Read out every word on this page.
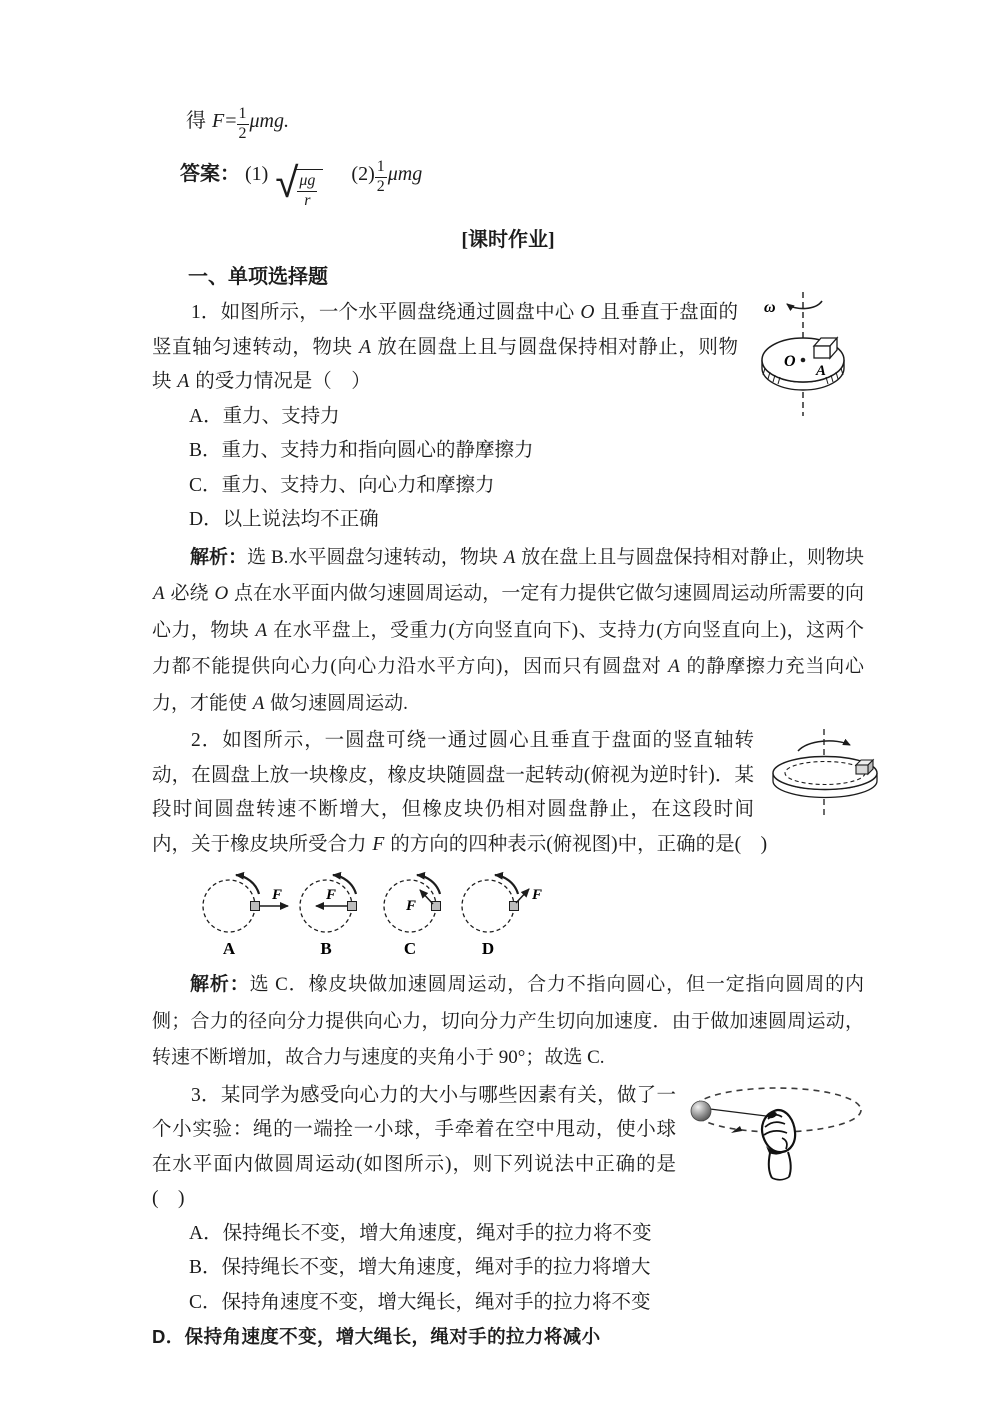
得 $F= \frac{1}{2} \mu mg$.

答案： (1) √ $\frac{\mu g}{r} (2) \frac{1}{2}$ μmg

[课时作业]
一、单项选择题
ω
O
A

1．如图所示，一个水平圆盘绕通过圆盘中心 O 且垂直于盘面的竖直轴匀速转动，物块 A 放在圆盘上且与圆盘保持相对静止，则物块 A 的受力情况是（　）

A．重力、支持力

B．重力、支持力和指向圆心的静摩擦力

C．重力、支持力、向心力和摩擦力

D．以上说法均不正确

解析：选 B.水平圆盘匀速转动，物块 A 放在盘上且与圆盘保持相对静止，则物块 A 必绕 O 点在水平面内做匀速圆周运动，一定有力提供它做匀速圆周运动所需要的向心力，物块 A 在水平盘上，受重力(方向竖直向下)、支持力(方向竖直向上)，这两个力都不能提供向心力(向心力沿水平方向)，因而只有圆盘对 A 的静摩擦力充当向心力，才能使 A 做匀速圆周运动.

2．如图所示，一圆盘可绕一通过圆心且垂直于盘面的竖直轴转动，在圆盘上放一块橡皮，橡皮块随圆盘一起转动(俯视为逆时针)．某段时间圆盘转速不断增大，但橡皮块仍相对圆盘静止，在这段时间内，关于橡皮块所受合力 F 的方向的四种表示(俯视图)中，正确的是(　)

F
A
F
B
F
C
F
D

解析：选 C．橡皮块做加速圆周运动，合力不指向圆心，但一定指向圆周的内侧；合力的径向分力提供向心力，切向分力产生切向加速度．由于做加速圆周运动，转速不断增加，故合力与速度的夹角小于 90°；故选 C.

3．某同学为感受向心力的大小与哪些因素有关，做了一个小实验：绳的一端拴一小球，手牵着在空中甩动，使小球在水平面内做圆周运动(如图所示)，则下列说法中正确的是　(　)

A．保持绳长不变，增大角速度，绳对手的拉力将不变

B．保持绳长不变，增大角速度，绳对手的拉力将增大

C．保持角速度不变，增大绳长，绳对手的拉力将不变

D．保持角速度不变，增大绳长，绳对手的拉力将减小
